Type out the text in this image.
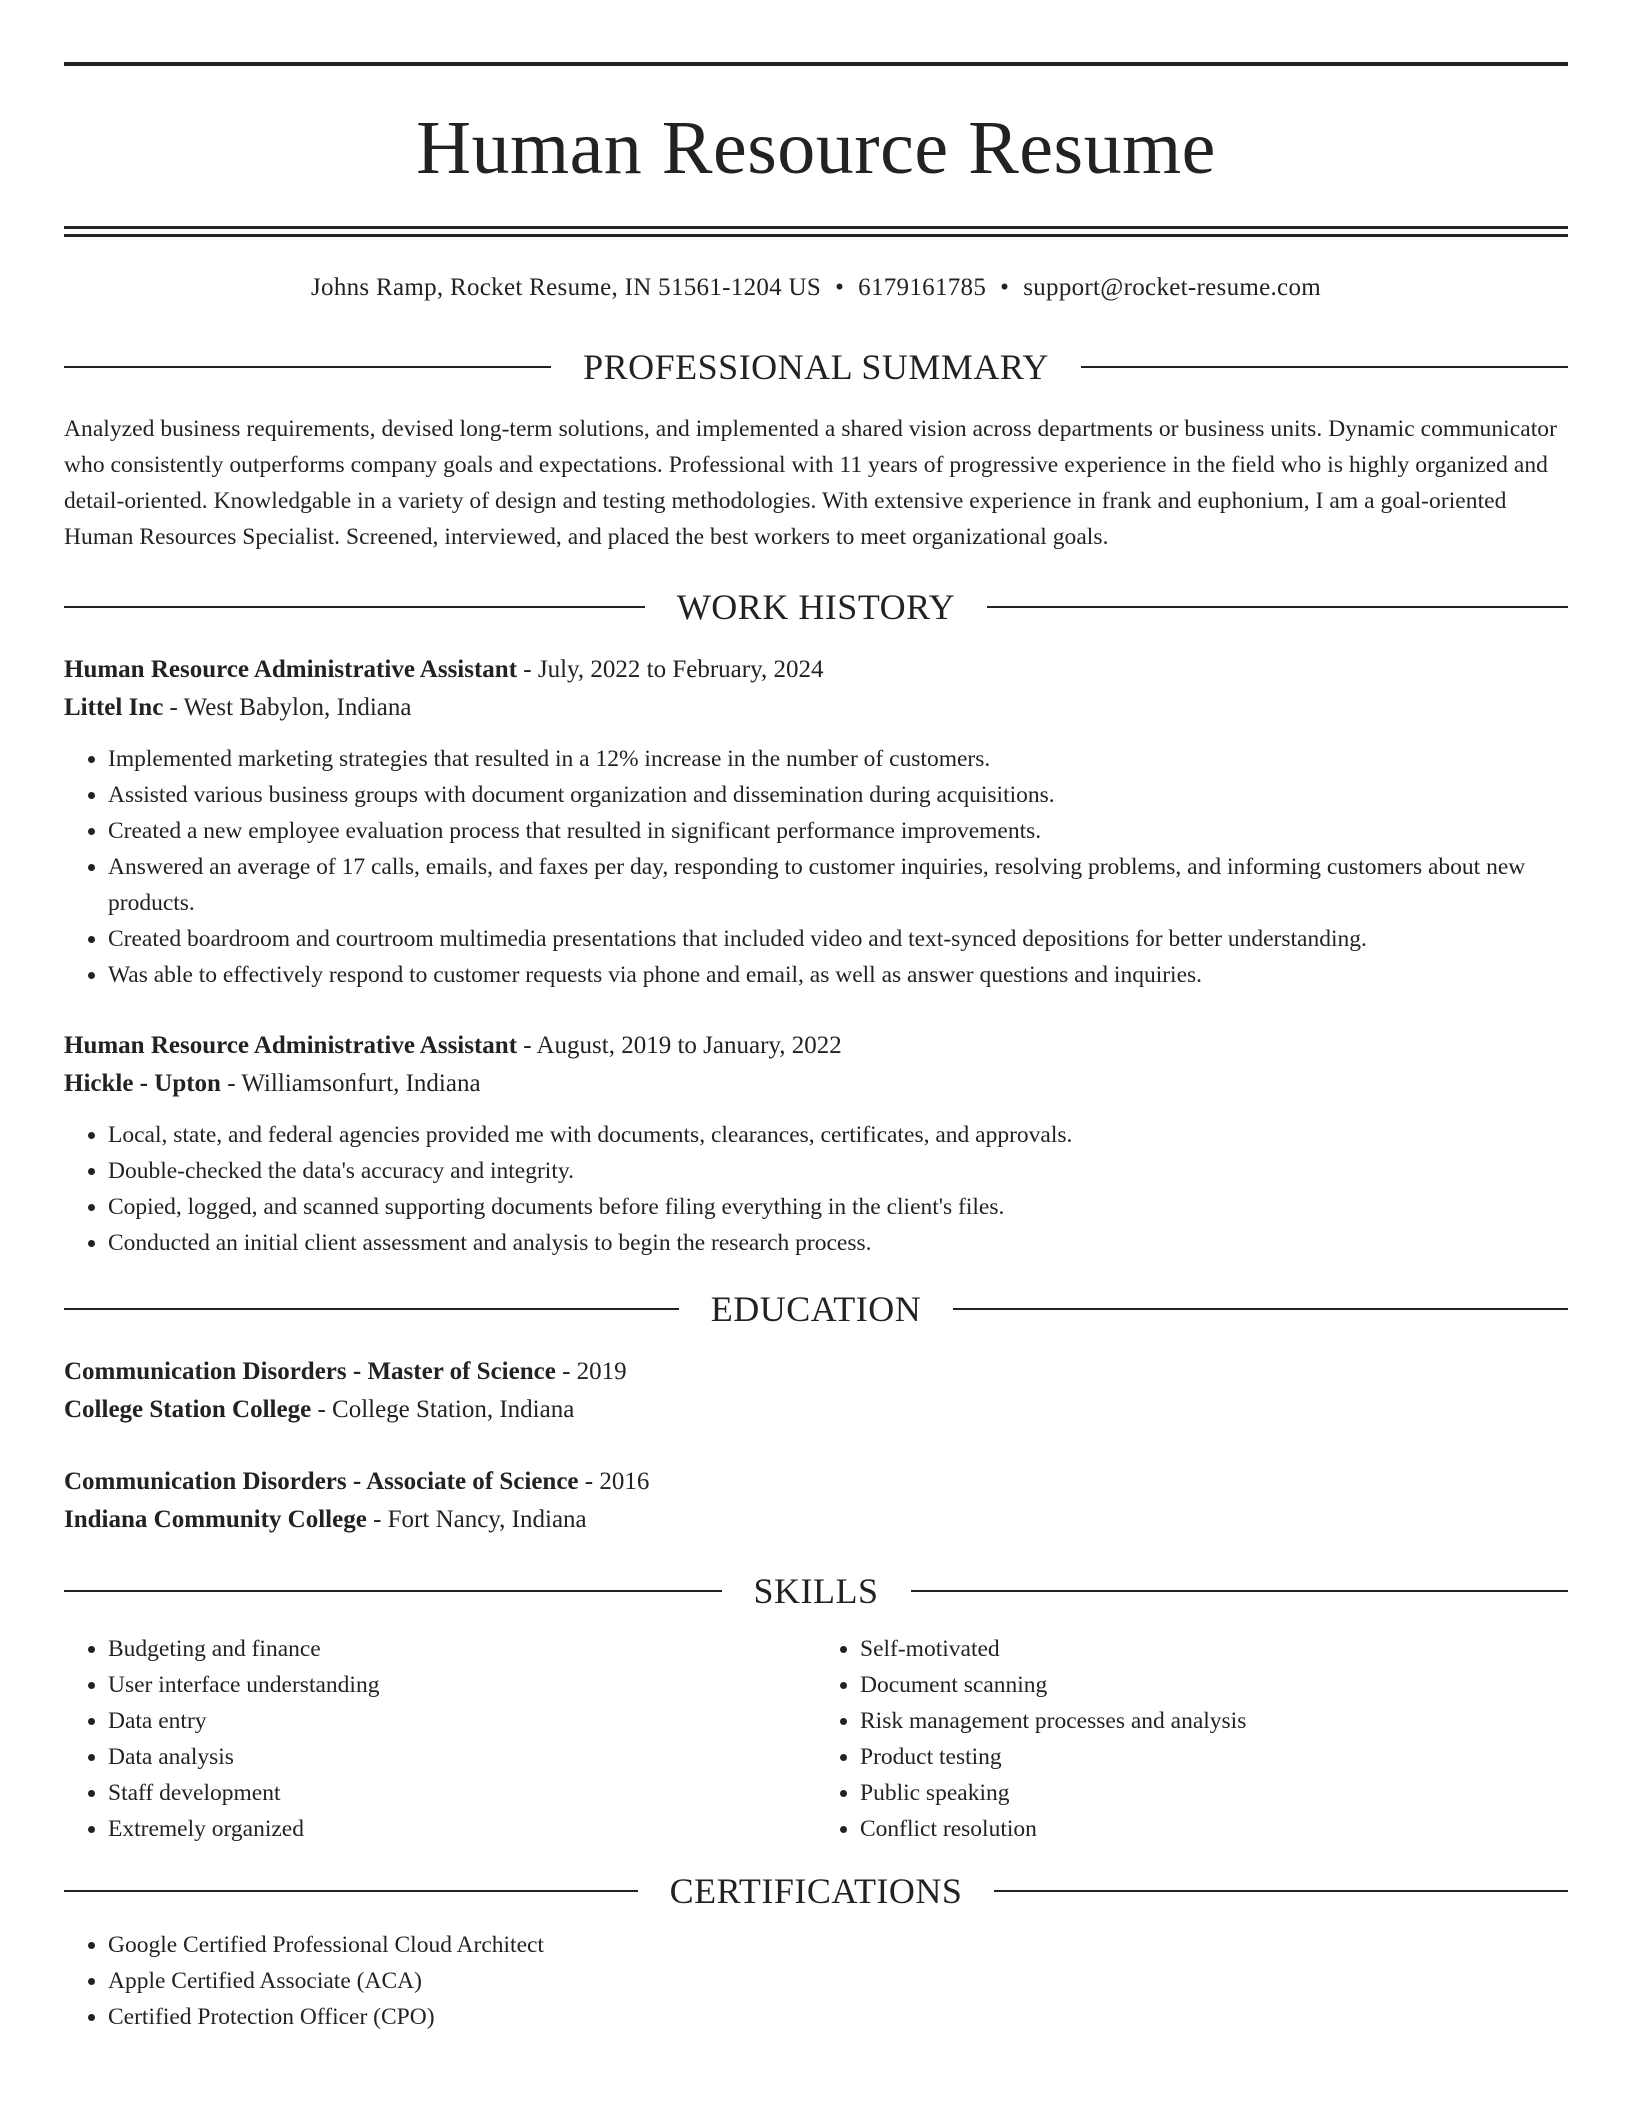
Human Resource Resume
Johns Ramp, Rocket Resume, IN 51561-1204 US • 6179161785 • support@rocket-resume.com
PROFESSIONAL SUMMARY
Analyzed business requirements, devised long-term solutions, and implemented a shared vision across departments or business units. Dynamic communicator who consistently outperforms company goals and expectations. Professional with 11 years of progressive experience in the field who is highly organized and detail-oriented. Knowledgable in a variety of design and testing methodologies. With extensive experience in frank and euphonium, I am a goal-oriented Human Resources Specialist. Screened, interviewed, and placed the best workers to meet organizational goals.
WORK HISTORY
Human Resource Administrative Assistant - July, 2022 to February, 2024
Littel Inc - West Babylon, Indiana
• Implemented marketing strategies that resulted in a 12% increase in the number of customers.
• Assisted various business groups with document organization and dissemination during acquisitions.
• Created a new employee evaluation process that resulted in significant performance improvements.
• Answered an average of 17 calls, emails, and faxes per day, responding to customer inquiries, resolving problems, and informing customers about new products.
• Created boardroom and courtroom multimedia presentations that included video and text-synced depositions for better understanding.
• Was able to effectively respond to customer requests via phone and email, as well as answer questions and inquiries.
Human Resource Administrative Assistant - August, 2019 to January, 2022
Hickle - Upton - Williamsonfurt, Indiana
• Local, state, and federal agencies provided me with documents, clearances, certificates, and approvals.
• Double-checked the data's accuracy and integrity.
• Copied, logged, and scanned supporting documents before filing everything in the client's files.
• Conducted an initial client assessment and analysis to begin the research process.
EDUCATION
Communication Disorders - Master of Science - 2019
College Station College - College Station, Indiana
Communication Disorders - Associate of Science - 2016
Indiana Community College - Fort Nancy, Indiana
SKILLS
• Budgeting and finance
• User interface understanding
• Data entry
• Data analysis
• Staff development
• Extremely organized
• Self-motivated
• Document scanning
• Risk management processes and analysis
• Product testing
• Public speaking
• Conflict resolution
CERTIFICATIONS
• Google Certified Professional Cloud Architect
• Apple Certified Associate (ACA)
• Certified Protection Officer (CPO)
